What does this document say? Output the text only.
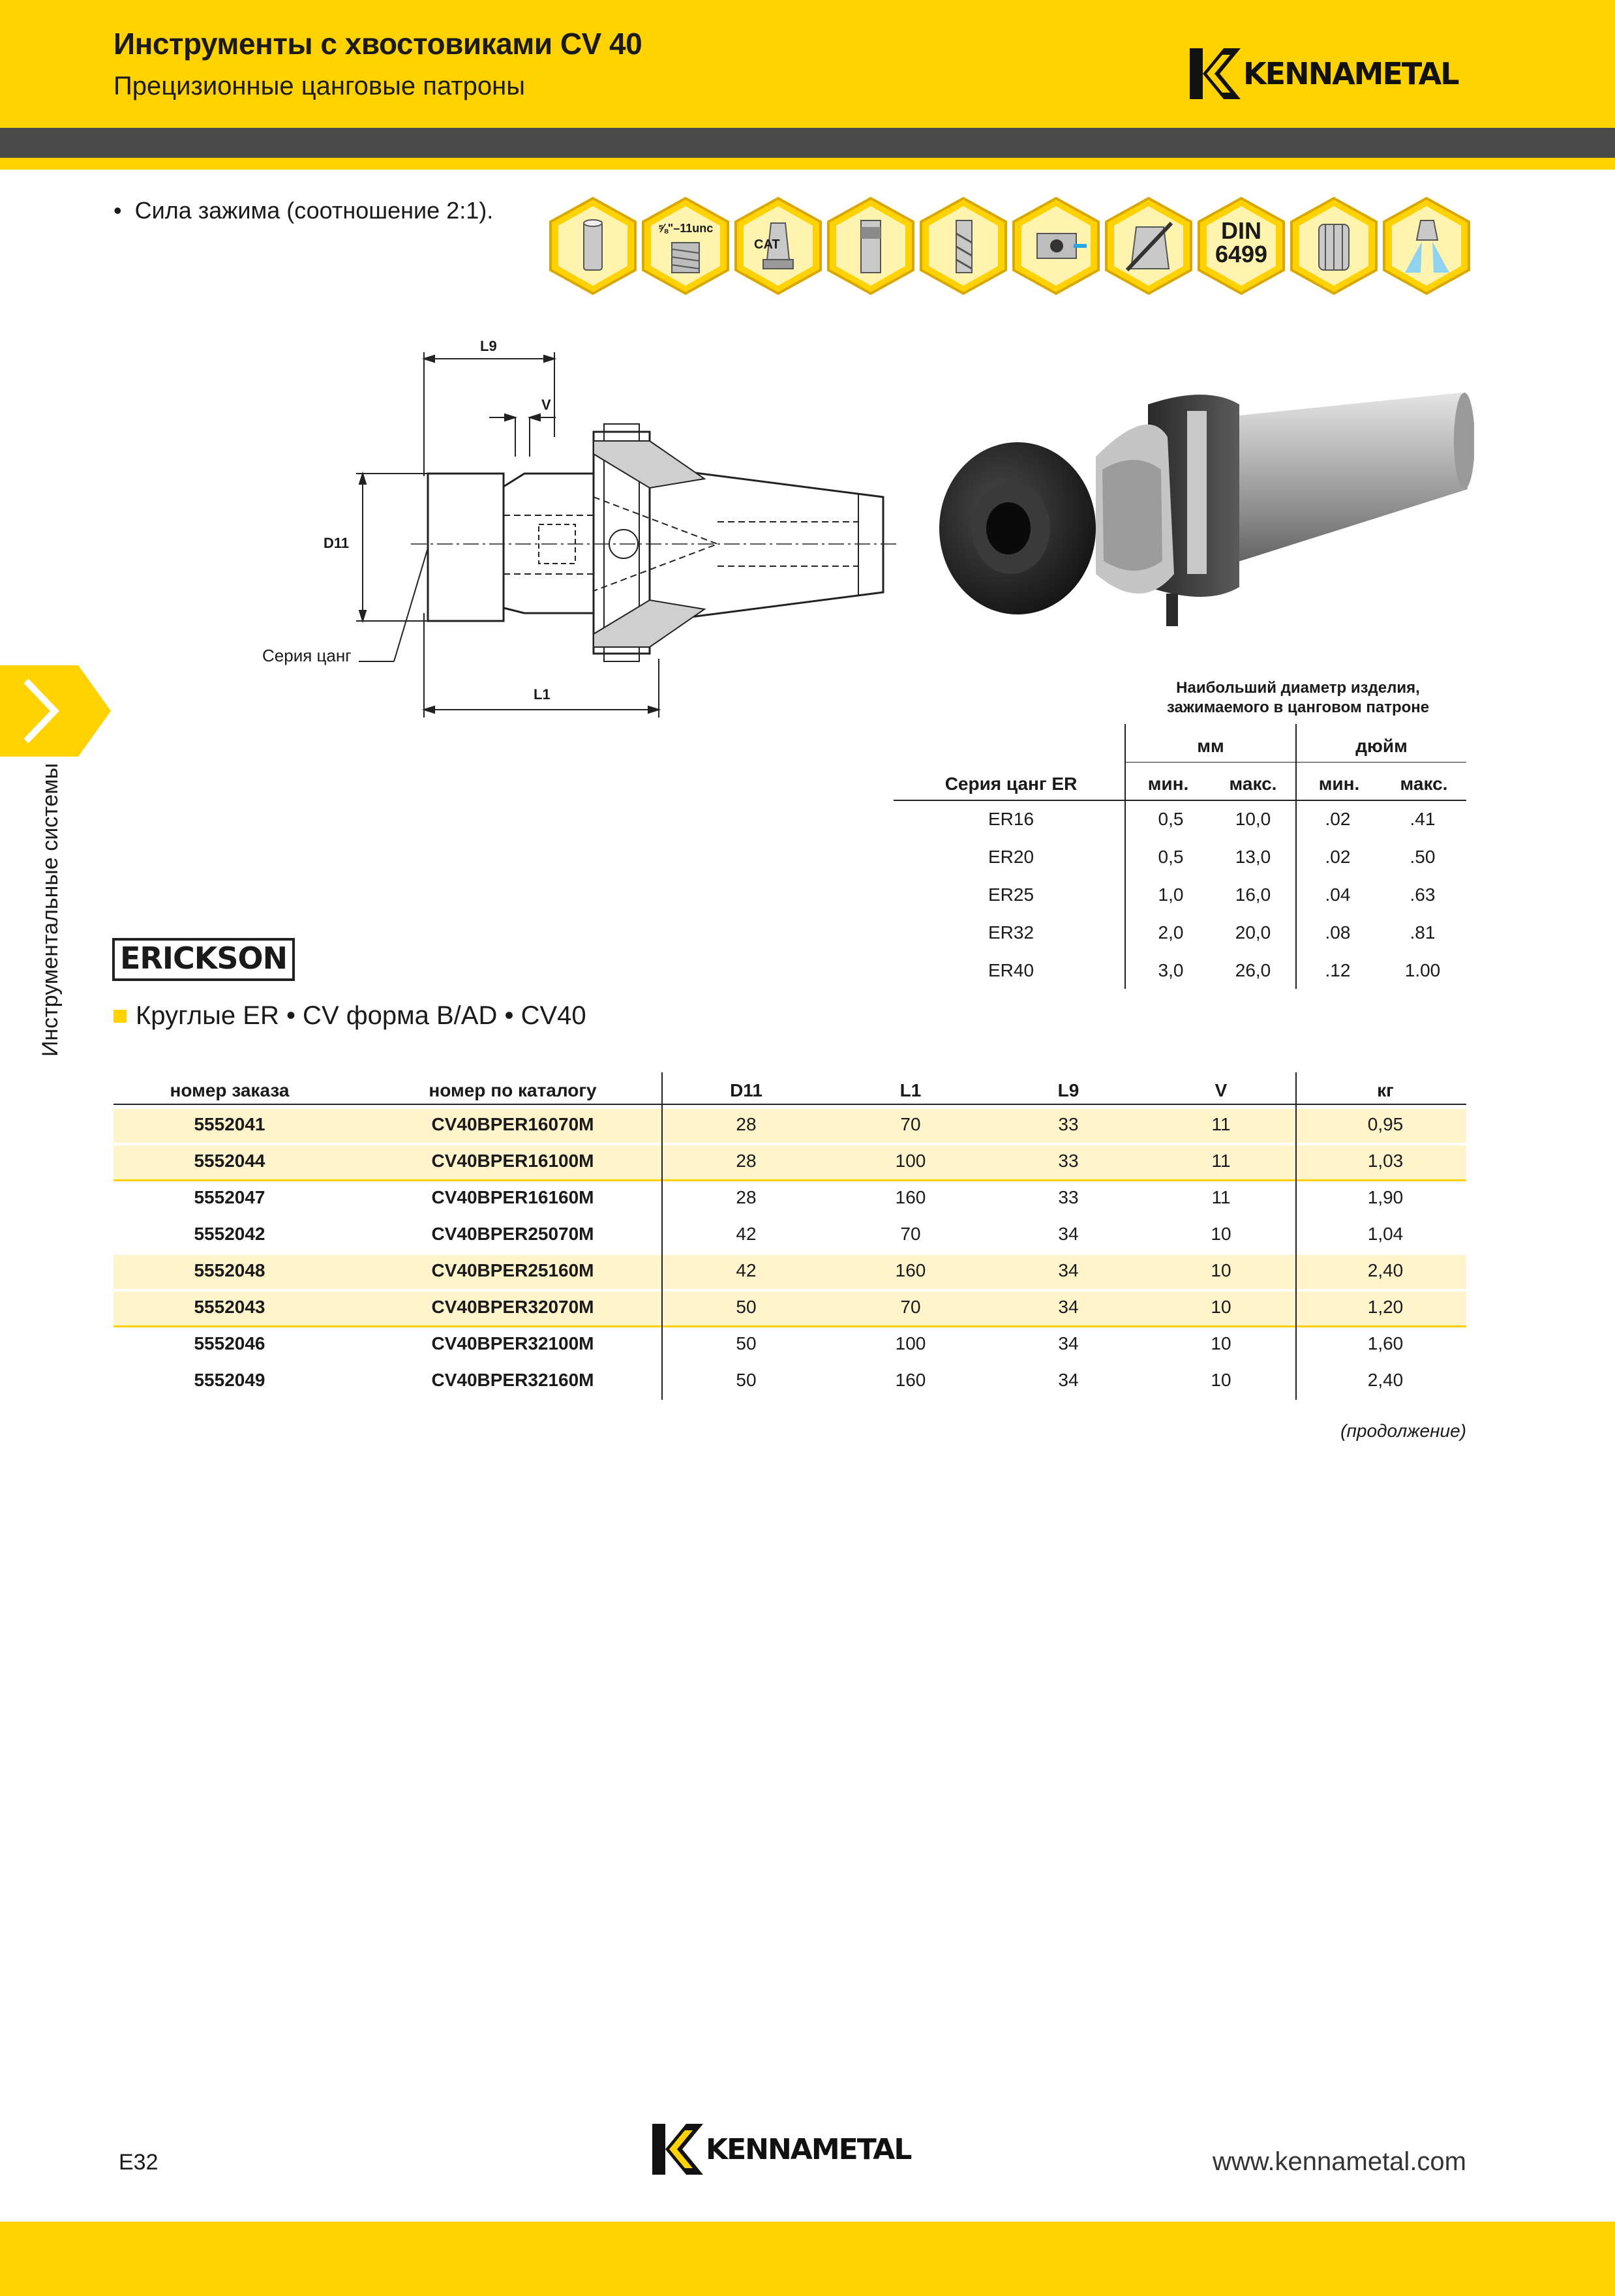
Инструменты с хвостовиками CV 40
Прецизионные цанговые патроны	KENNAMETAL
•  Сила зажима (соотношение 2:1).
⅝"–11unc
CAT
DIN
6499
Инструментальные системы
L9
V
D11
L1
Серия цанг
Наибольший диаметр изделия, зажимаемого в цанговом патроне
мм	дюйм
Серия цанг ER	мин.	макс.	мин.	макс.
ER16	0,5	10,0	.02	.41
ER20	0,5	13,0	.02	.50
ER25	1,0	16,0	.04	.63
ER32	2,0	20,0	.08	.81
ER40	3,0	26,0	.12	1.00
ERICKSON
Круглые ER • CV форма B/AD • CV40
номер заказа	номер по каталогу	D11	L1	L9	V	кг
5552041	CV40BPER16070M	28	70	33	11	0,95
5552044	CV40BPER16100M	28	100	33	11	1,03
5552047	CV40BPER16160M	28	160	33	11	1,90
5552042	CV40BPER25070M	42	70	34	10	1,04
5552048	CV40BPER25160M	42	160	34	10	2,40
5552043	CV40BPER32070M	50	70	34	10	1,20
5552046	CV40BPER32100M	50	100	34	10	1,60
5552049	CV40BPER32160M	50	160	34	10	2,40
(продолжение)
E32	KENNAMETAL	www.kennametal.com
